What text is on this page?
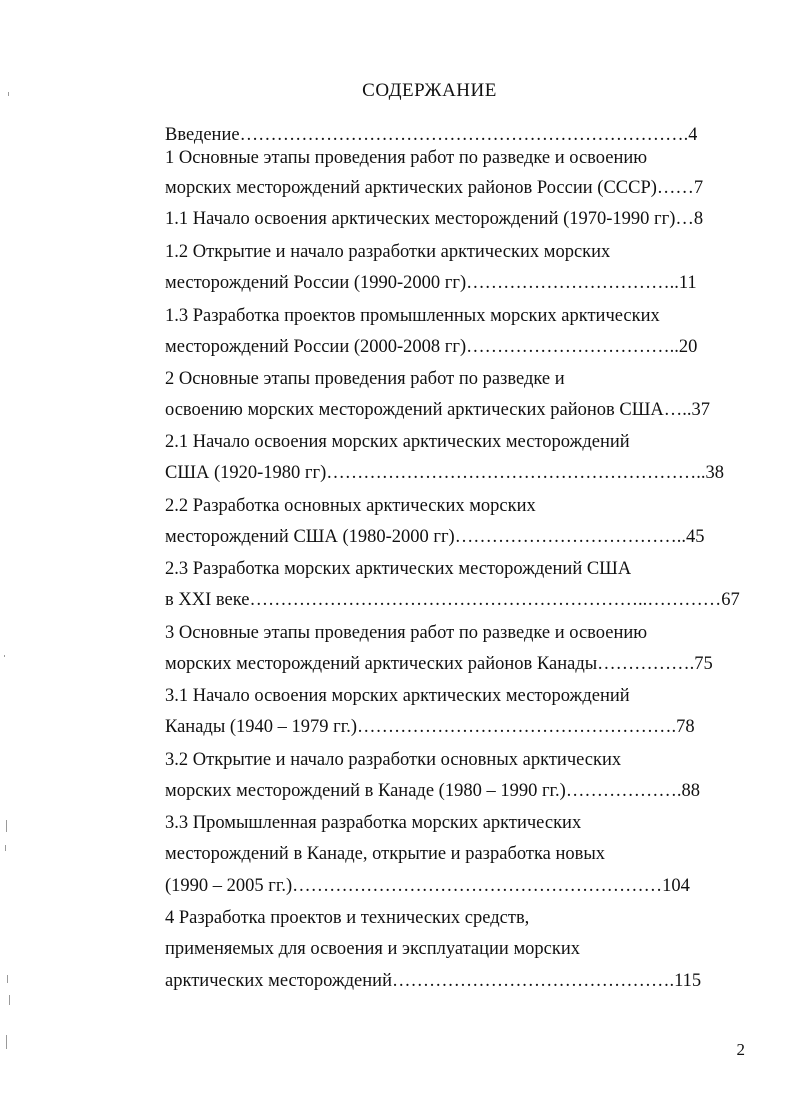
СОДЕРЖАНИЕ
Введение……………………………………………………………….4
1 Основные этапы проведения работ по разведке и освоению
морских месторождений арктических районов России (СССР)……7
1.1 Начало освоения арктических месторождений (1970-1990 гг)…8
1.2 Открытие и начало разработки арктических морских
месторождений России (1990-2000 гг)……………………………..11
1.3 Разработка проектов промышленных морских арктических
месторождений России (2000-2008 гг)……………………………..20
2 Основные этапы проведения работ по разведке и
освоению морских месторождений арктических районов США…..37
2.1 Начало освоения морских арктических месторождений
США (1920-1980 гг)……………………………………………………..38
2.2 Разработка основных арктических морских
месторождений США (1980-2000 гг)………………………………..45
2.3 Разработка морских арктических месторождений США
в XXI веке………………………………………………………..…………67
3 Основные этапы проведения работ по разведке и освоению
морских месторождений арктических районов Канады…………….75
3.1 Начало освоения морских арктических месторождений
Канады (1940 – 1979 гг.)…………………………………………….78
3.2 Открытие и начало разработки основных арктических
морских месторождений в Канаде (1980 – 1990 гг.)……………….88
3.3 Промышленная разработка морских арктических
месторождений в Канаде, открытие и разработка новых
(1990 – 2005 гг.)……………………………………………………104
4 Разработка проектов и технических средств,
применяемых для освоения и эксплуатации морских
арктических месторождений……………………………………….115
2
